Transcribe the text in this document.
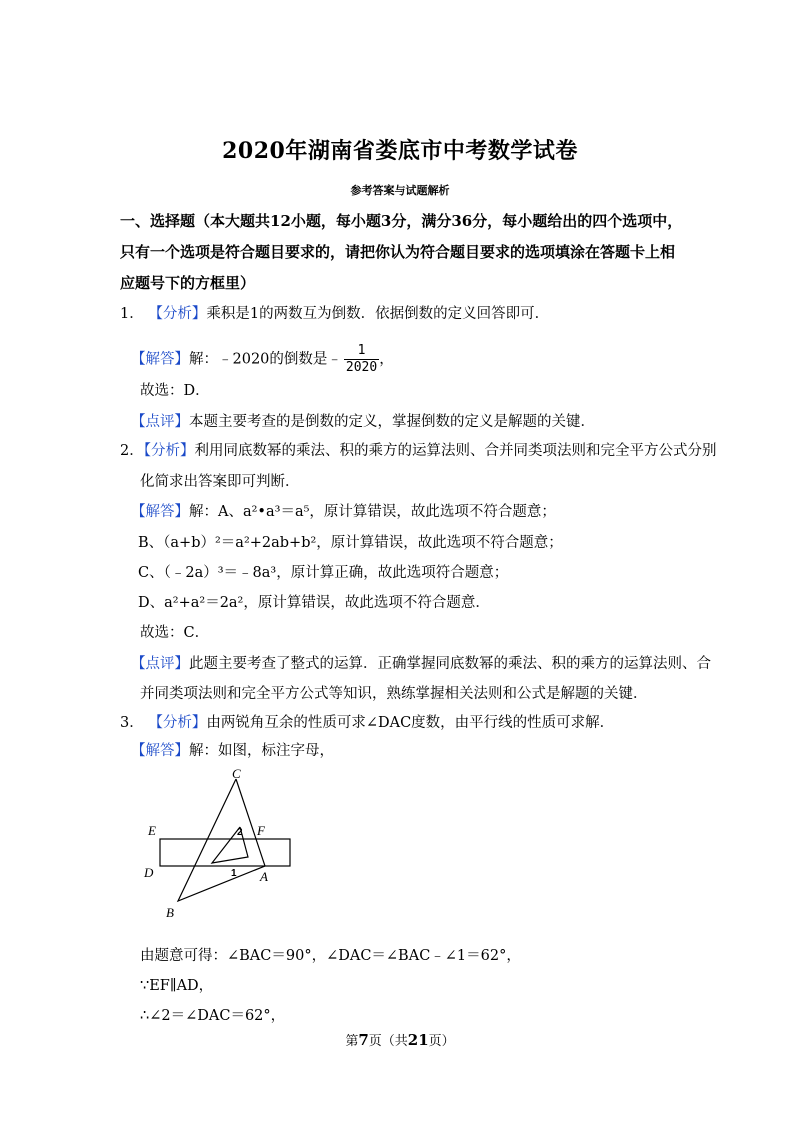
2020年湖南省娄底市中考数学试卷
参考答案与试题解析
一、选择题（本大题共12小题，每小题3分，满分36分，每小题给出的四个选项中，只有一个选项是符合题目要求的，请把你认为符合题目要求的选项填涂在答题卡上相应题号下的方框里）
1． 【分析】乘积是1的两数互为倒数．依据倒数的定义回答即可．
【解答】解：﹣2020的倒数是﹣ $\frac{1}{2020}$ ，
故选：D．
【点评】本题主要考查的是倒数的定义，掌握倒数的定义是解题的关键．
2．【分析】利用同底数幂的乘法、积的乘方的运算法则、合并同类项法则和完全平方公式分别
化简求出答案即可判断．
【解答】解：A、a²•a³＝a⁵，原计算错误，故此选项不符合题意；
B、（a+b）²＝a²+2ab+b²，原计算错误，故此选项不符合题意；
C、（﹣2a）³＝﹣8a³，原计算正确，故此选项符合题意；
D、a²+a²＝2a²，原计算错误，故此选项不符合题意．
故选：C．
【点评】此题主要考查了整式的运算．正确掌握同底数幂的乘法、积的乘方的运算法则、合
并同类项法则和完全平方公式等知识，熟练掌握相关法则和公式是解题的关键．
3． 【分析】由两锐角互余的性质可求∠DAC度数，由平行线的性质可求解．
【解答】解：如图，标注字母，
C
E	F
D	A
B
2
1
由题意可得：∠BAC＝90°，∠DAC＝∠BAC﹣∠1＝62°，
∵EF∥AD，
∴∠2＝∠DAC＝62°，
第7页（共21页）
